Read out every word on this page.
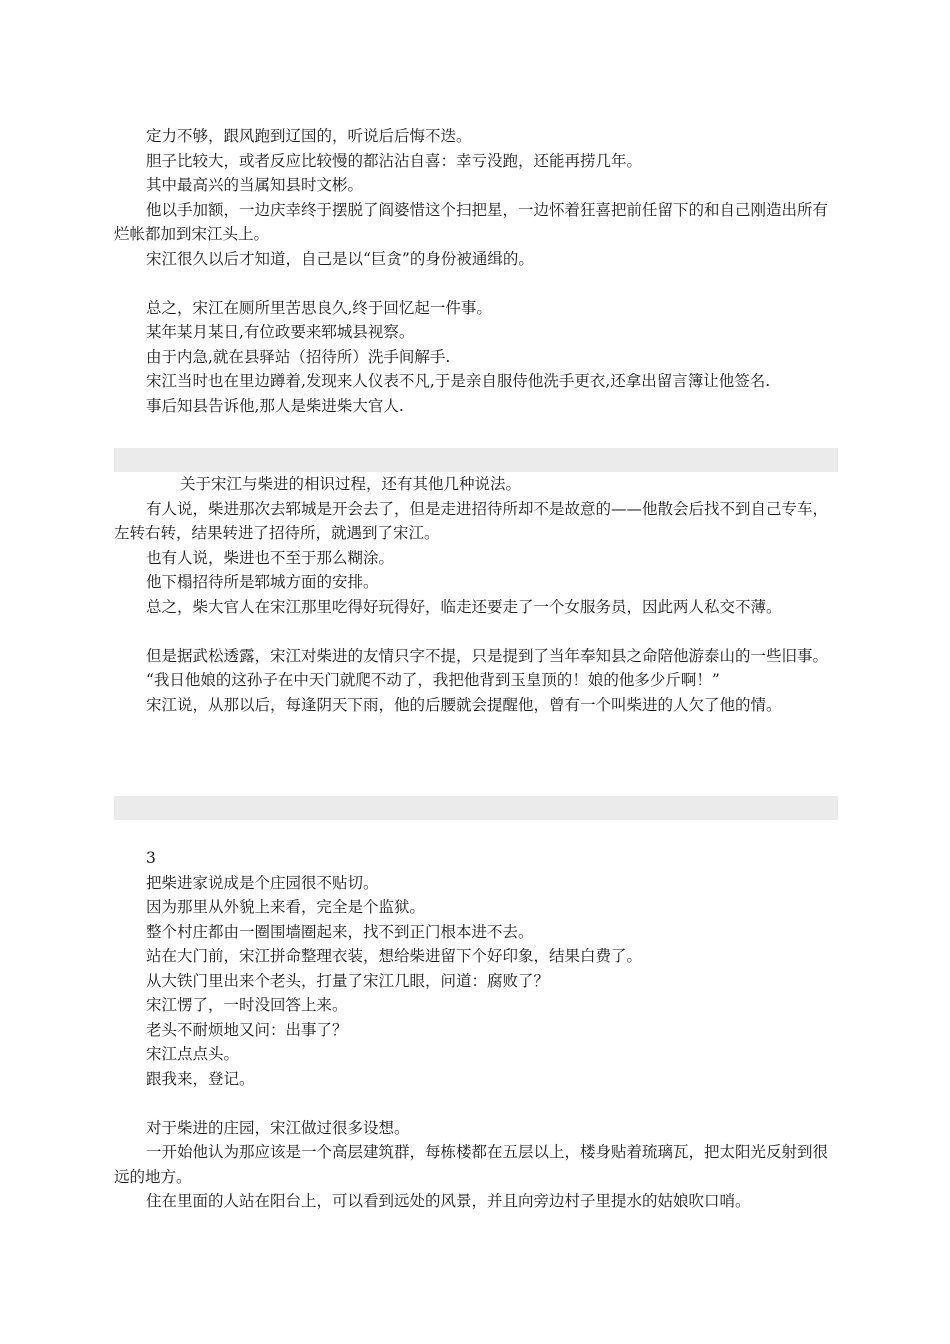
定力不够，跟风跑到辽国的，听说后后悔不迭。

胆子比较大，或者反应比较慢的都沾沾自喜：幸亏没跑，还能再捞几年。

其中最高兴的当属知县时文彬。

他以手加额，一边庆幸终于摆脱了阎婆惜这个扫把星，一边怀着狂喜把前任留下的和自己刚造出所有烂帐都加到宋江头上。

宋江很久以后才知道，自己是以“巨贪”的身份被通缉的。

总之，宋江在厕所里苦思良久,终于回忆起一件事。

某年某月某日,有位政要来郓城县视察。

由于内急,就在县驿站（招待所）洗手间解手.

宋江当时也在里边蹲着,发现来人仪表不凡,于是亲自服侍他洗手更衣,还拿出留言簿让他签名.

事后知县告诉他,那人是柴进柴大官人.

关于宋江与柴进的相识过程，还有其他几种说法。

有人说，柴进那次去郓城是开会去了，但是走进招待所却不是故意的——他散会后找不到自己专车，左转右转，结果转进了招待所，就遇到了宋江。

也有人说，柴进也不至于那么糊涂。

他下榻招待所是郓城方面的安排。

总之，柴大官人在宋江那里吃得好玩得好，临走还要走了一个女服务员，因此两人私交不薄。

但是据武松透露，宋江对柴进的友情只字不提，只是提到了当年奉知县之命陪他游泰山的一些旧事。

“我日他娘的这孙子在中天门就爬不动了，我把他背到玉皇顶的！娘的他多少斤啊！”

宋江说，从那以后，每逢阴天下雨，他的后腰就会提醒他，曾有一个叫柴进的人欠了他的情。

3

把柴进家说成是个庄园很不贴切。

因为那里从外貌上来看，完全是个监狱。

整个村庄都由一圈围墙圈起来，找不到正门根本进不去。

站在大门前，宋江拼命整理衣装，想给柴进留下个好印象，结果白费了。

从大铁门里出来个老头，打量了宋江几眼，问道：腐败了？

宋江愣了，一时没回答上来。

老头不耐烦地又问：出事了？

宋江点点头。

跟我来，登记。

对于柴进的庄园，宋江做过很多设想。

一开始他认为那应该是一个高层建筑群，每栋楼都在五层以上，楼身贴着琉璃瓦，把太阳光反射到很远的地方。

住在里面的人站在阳台上，可以看到远处的风景，并且向旁边村子里提水的姑娘吹口哨。
